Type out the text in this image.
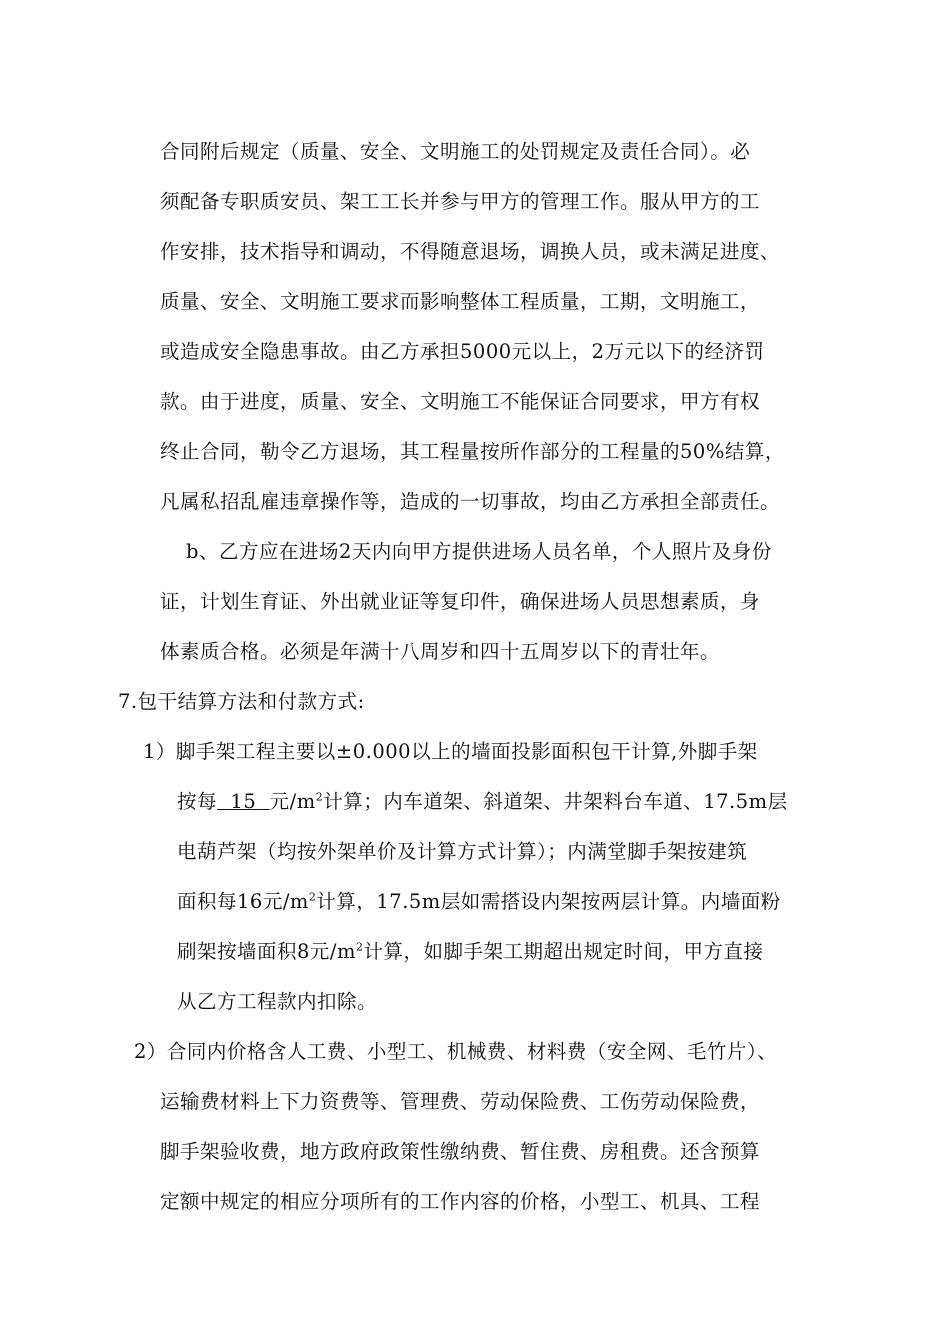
合同附后规定（质量、安全、文明施工的处罚规定及责任合同）。必
须配备专职质安员、架工工长并参与甲方的管理工作。服从甲方的工
作安排，技术指导和调动，不得随意退场，调换人员，或未满足进度、
质量、安全、文明施工要求而影响整体工程质量，工期，文明施工，
或造成安全隐患事故。由乙方承担5000元以上，2万元以下的经济罚
款。由于进度，质量、安全、文明施工不能保证合同要求，甲方有权
终止合同，勒令乙方退场，其工程量按所作部分的工程量的50%结算，
凡属私招乱雇违章操作等，造成的一切事故，均由乙方承担全部责任。
b、乙方应在进场2天内向甲方提供进场人员名单，个人照片及身份
证，计划生育证、外出就业证等复印件，确保进场人员思想素质，身
体素质合格。必须是年满十八周岁和四十五周岁以下的青壮年。
7.包干结算方法和付款方式:
1）脚手架工程主要以±0.000以上的墙面投影面积包干计算,外脚手架
按每 15 元$/m^2$计算；内车道架、斜道架、井架料台车道、17.5m层
电葫芦架（均按外架单价及计算方式计算）；内满堂脚手架按建筑
面积每16元$/m^2$计算，17.5m层如需搭设内架按两层计算。内墙面粉
刷架按墙面积8元$/m^2$计算，如脚手架工期超出规定时间，甲方直接
从乙方工程款内扣除。
2）合同内价格含人工费、小型工、机械费、材料费（安全网、毛竹片）、
运输费材料上下力资费等、管理费、劳动保险费、工伤劳动保险费，
脚手架验收费，地方政府政策性缴纳费、暂住费、房租费。还含预算
定额中规定的相应分项所有的工作内容的价格，小型工、机具、工程
